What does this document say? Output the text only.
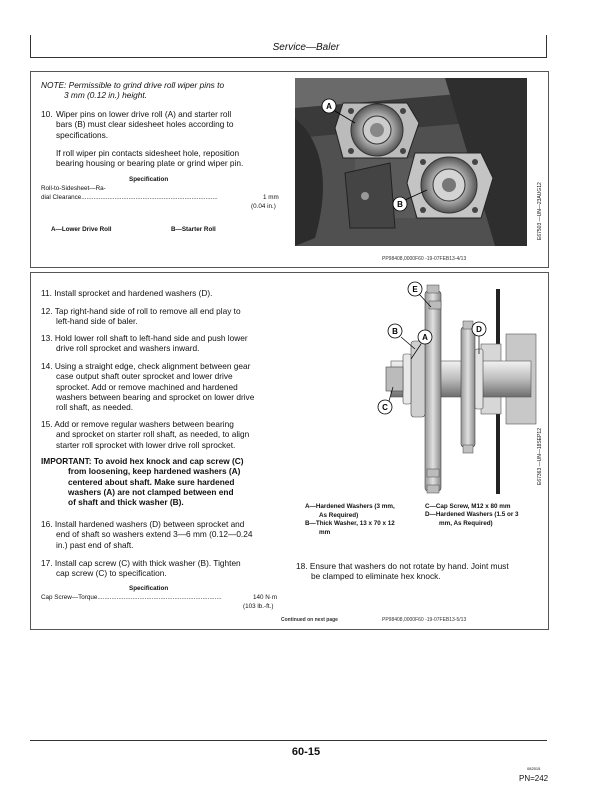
Service—Baler
NOTE: Permissible to grind drive roll wiper pins to
3 mm (0.12 in.) height.
10. Wiper pins on lower drive roll (A) and starter roll
bars (B) must clear sidesheet holes according to
specifications.
If roll wiper pin contacts sidesheet hole, reposition
bearing housing or bearing plate or grind wiper pin.
Specification
Roll-to-Sidesheet—Ra-
dial Clearance..............................................................................	1 mm
(0.04 in.)
A—Lower Drive Roll	B—Starter Roll
A
B	E67503 —UN—23AUG12
PP98408,0000F60 -19-07FEB13-4/13
11. Install sprocket and hardened washers (D).
12. Tap right-hand side of roll to remove all end play to
left-hand side of baler.
13. Hold lower roll shaft to left-hand side and push lower
drive roll sprocket and washers inward.
14. Using a straight edge, check alignment between gear
case output shaft outer sprocket and lower drive
sprocket. Add or remove machined and hardened
washers between bearing and sprocket on lower drive
roll shaft, as needed.
15. Add or remove regular washers between bearing
and sprocket on starter roll shaft, as needed, to align
starter roll sprocket with lower drive roll sprocket.
IMPORTANT: To avoid hex knock and cap screw (C)
from loosening, keep hardened washers (A)
centered about shaft. Make sure hardened
washers (A) are not clamped between end
of shaft and thick washer (B).
16. Install hardened washers (D) between sprocket and
end of shaft so washers extend 3—6 mm (0.12—0.24
in.) past end of shaft.
17. Install cap screw (C) with thick washer (B). Tighten
cap screw (C) to specification.
Specification
Cap Screw—Torque.......................................................................	140 N·m
(103 lb.-ft.)
E
B
A
C
D
E67363 —UN—18SEP12
A—Hardened Washers (3 mm,
As Required)
B—Thick Washer, 13 x 70 x 12
mm
C—Cap Screw, M12 x 80 mm
D—Hardened Washers (1.5 or 3
mm, As Required)
18. Ensure that washers do not rotate by hand. Joint must
be clamped to eliminate hex knock.
Continued on next page	PP98408,0000F60 -19-07FEB13-5/13
60-15
082515
PN=242
